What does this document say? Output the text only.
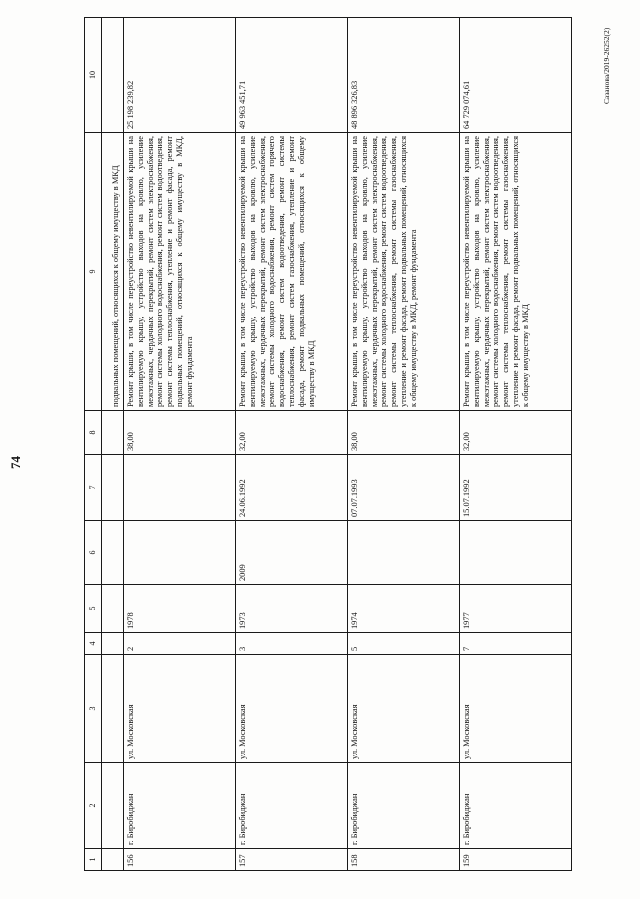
74
1	2	3	4	5	6	7	8	9	10
								подвальных помещений, относящихся к общему имуществу в МКД	
156	г. Биробиджан	ул. Московская	2	1978			38,00	Ремонт крыши, в том числе переустройство невентилируемой крыши на вентилируемую крышу, устройство выходов на кровлю, усиление межэтажных, чердачных перекрытий, ремонт систем электроснабжения, ремонт системы холодного водоснабжения, ремонт систем водоотведения, ремонт системы теплоснабжения, утепление и ремонт фасада, ремонт подвальных помещений, относящихся к общему имуществу в МКД, ремонт фундамента	25 198 239,82
157	г. Биробиджан	ул. Московская	3	1973	2009	24.06.1992	32,00	Ремонт крыши, в том числе переустройство невентилируемой крыши на вентилируемую крышу, устройство выходов на кровлю, усиление межэтажных, чердачных перекрытий, ремонт систем электроснабжения, ремонт системы холодного водоснабжения, ремонт систем горячего водоснабжения, ремонт систем водоотведения, ремонт системы теплоснабжения, ремонт систем газоснабжения, утепление и ремонт фасада, ремонт подвальных помещений, относящихся к общему имуществу в МКД	49 963 451,71
158	г. Биробиджан	ул. Московская	5	1974		07.07.1993	38,00	Ремонт крыши, в том числе переустройство невентилируемой крыши на вентилируемую крышу, устройство выходов на кровлю, усиление межэтажных, чердачных перекрытий, ремонт систем электроснабжения, ремонт системы холодного водоснабжения, ремонт систем водоотведения, ремонт системы теплоснабжения, ремонт системы газоснабжения, утепление и ремонт фасада, ремонт подвальных помещений, относящихся к общему имуществу в МКД, ремонт фундамента	48 896 326,83
159	г. Биробиджан	ул. Московская	7	1977		15.07.1992	32,00	Ремонт крыши, в том числе переустройство невентилируемой крыши на вентилируемую крышу, устройство выходов на кровлю, усиление межэтажных, чердачных перекрытий, ремонт систем электроснабжения, ремонт системы холодного водоснабжения, ремонт систем водоотведения, ремонт системы теплоснабжения, ремонт системы газоснабжения, утепление и ремонт фасада, ремонт подвальных помещений, относящихся к общему имуществу в МКД	64 729 074,61
Сазанова/2019-26252(2)
